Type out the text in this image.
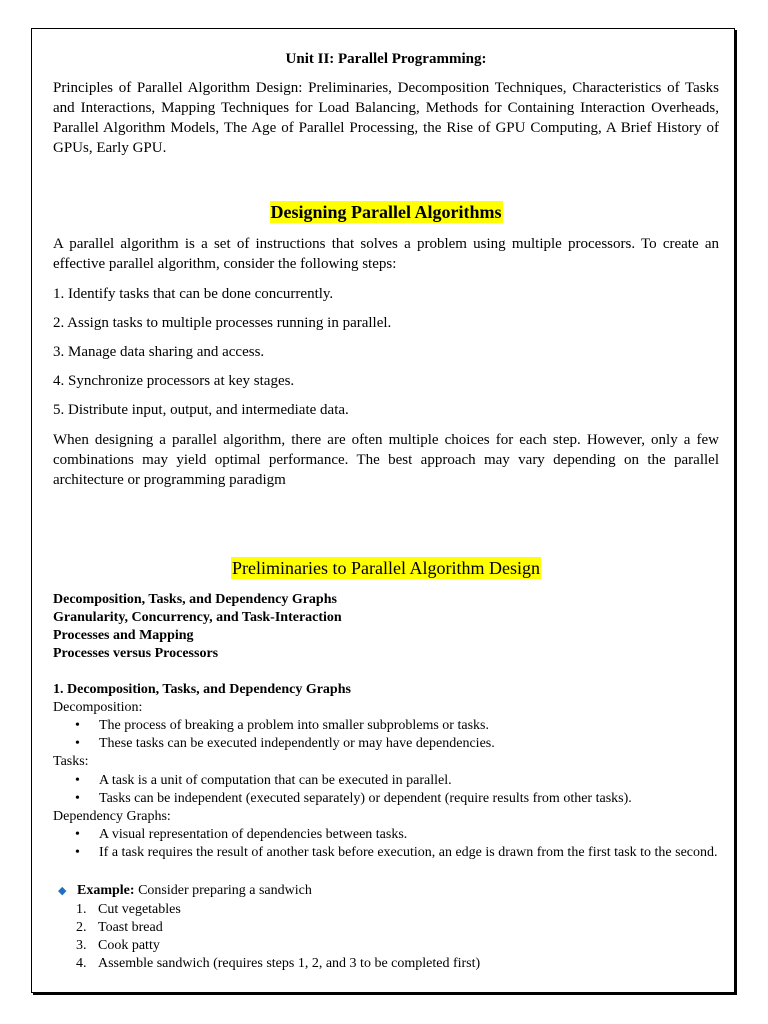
Unit II: Parallel Programming:

Principles of Parallel Algorithm Design: Preliminaries, Decomposition Techniques, Characteristics of Tasks and Interactions, Mapping Techniques for Load Balancing, Methods for Containing Interaction Overheads, Parallel Algorithm Models, The Age of Parallel Processing, the Rise of GPU Computing, A Brief History of GPUs, Early GPU.

Designing Parallel Algorithms

A parallel algorithm is a set of instructions that solves a problem using multiple processors. To create an effective parallel algorithm, consider the following steps:

1. Identify tasks that can be done concurrently.
2. Assign tasks to multiple processes running in parallel.
3. Manage data sharing and access.
4. Synchronize processors at key stages.
5. Distribute input, output, and intermediate data.

When designing a parallel algorithm, there are often multiple choices for each step. However, only a few combinations may yield optimal performance. The best approach may vary depending on the parallel architecture or programming paradigm

Preliminaries to Parallel Algorithm Design
Decomposition, Tasks, and Dependency Graphs
Granularity, Concurrency, and Task-Interaction
Processes and Mapping
Processes versus Processors
1. Decomposition, Tasks, and Dependency Graphs
Decomposition:
• The process of breaking a problem into smaller subproblems or tasks.
• These tasks can be executed independently or may have dependencies.
Tasks:
• A task is a unit of computation that can be executed in parallel.
• Tasks can be independent (executed separately) or dependent (require results from other tasks).
Dependency Graphs:
• A visual representation of dependencies between tasks.
• If a task requires the result of another task before execution, an edge is drawn from the first task to the second.
◆ Example: Consider preparing a sandwich
1. Cut vegetables
2. Toast bread
3. Cook patty
4. Assemble sandwich (requires steps 1, 2, and 3 to be completed first)
